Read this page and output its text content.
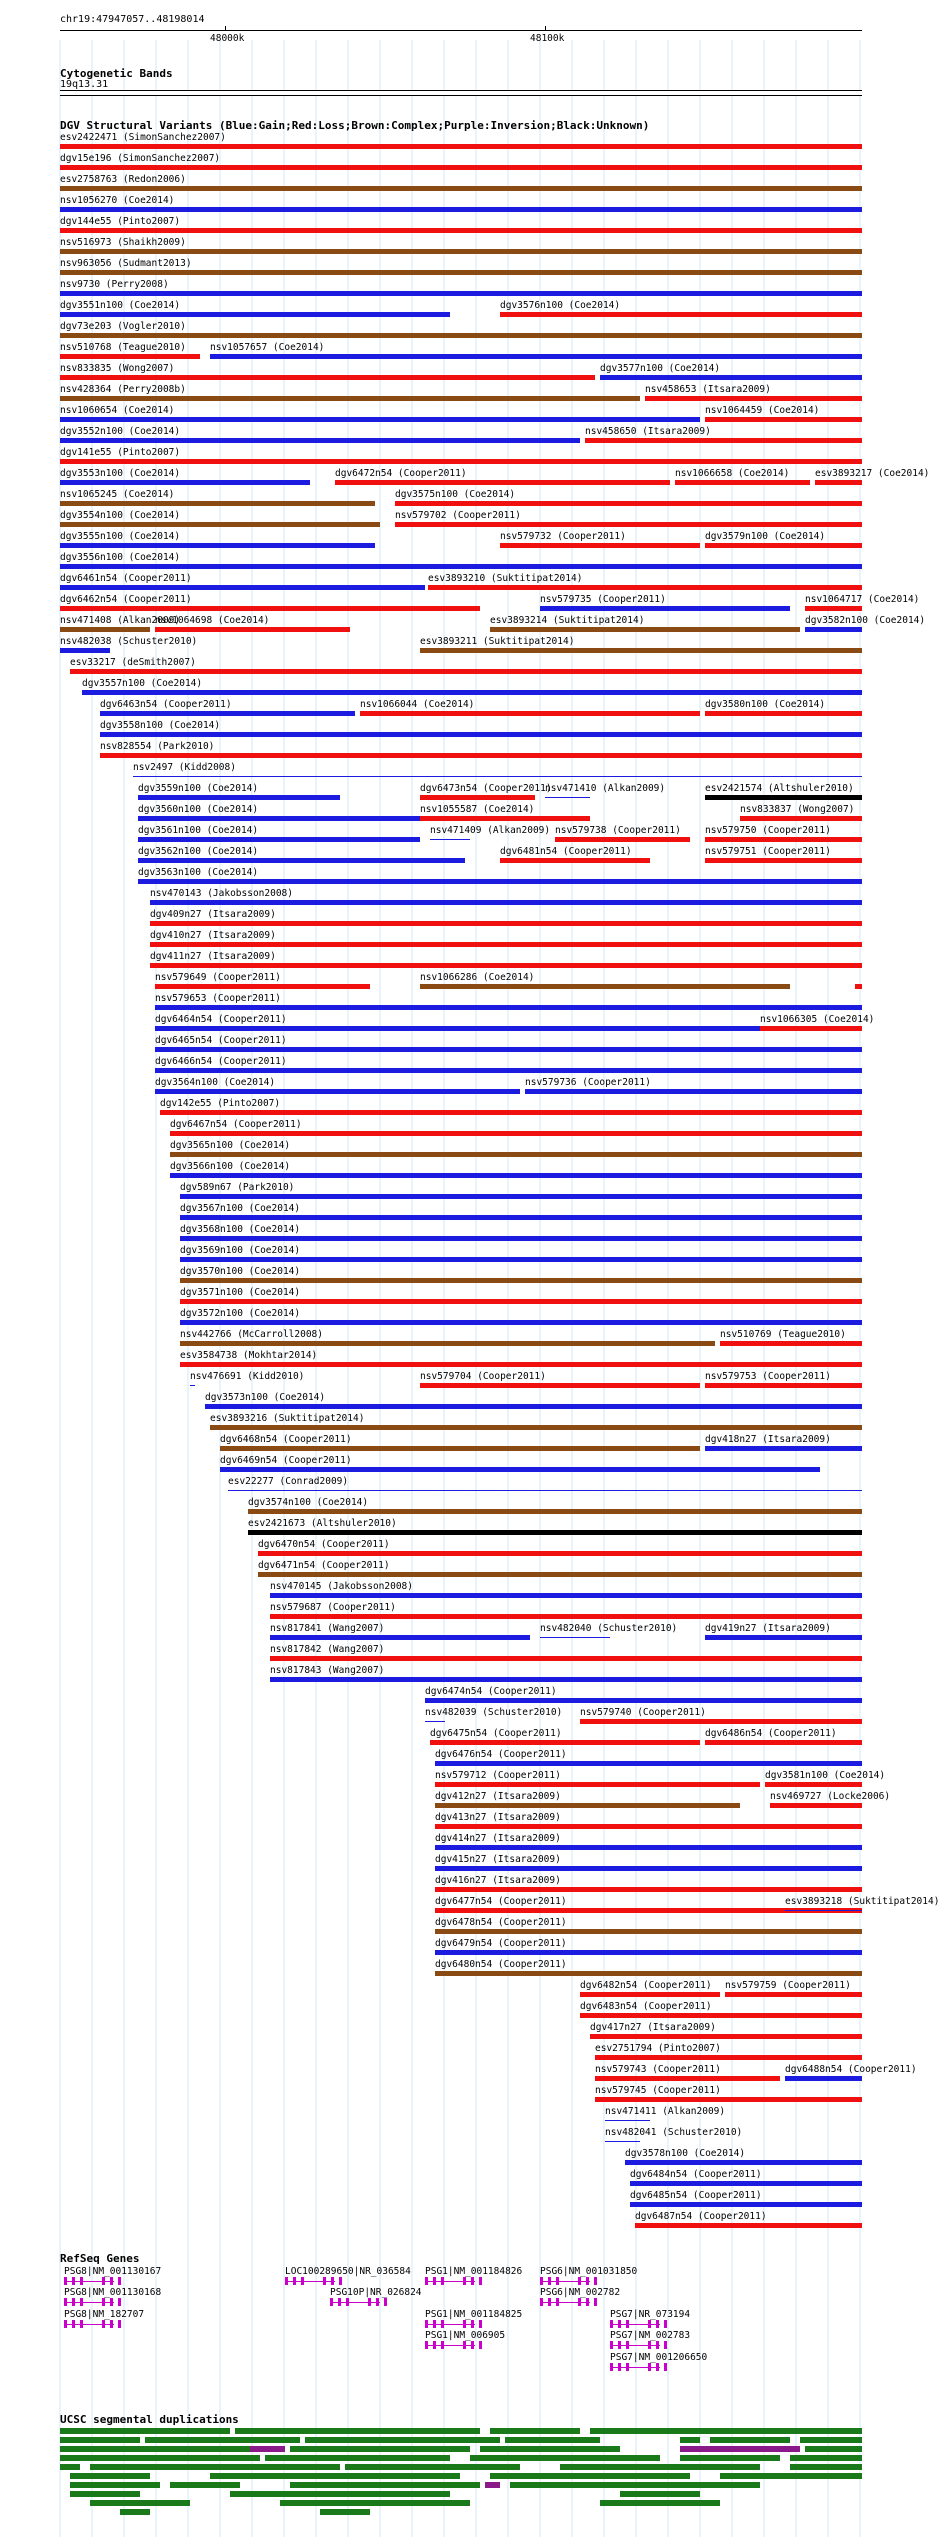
chr19:47947057..48198014
48000k	48100k
Cytogenetic Bands
19q13.31
DGV Structural Variants (Blue:Gain;Red:Loss;Brown:Complex;Purple:Inversion;Black:Unknown)
esv2422471 (SimonSanchez2007)
dgv15e196 (SimonSanchez2007)
esv2758763 (Redon2006)
nsv1056270 (Coe2014)
dgv144e55 (Pinto2007)
nsv516973 (Shaikh2009)
nsv963056 (Sudmant2013)
nsv9730 (Perry2008)
dgv3551n100 (Coe2014)	dgv3576n100 (Coe2014)
dgv73e203 (Vogler2010)
nsv510768 (Teague2010)	nsv1057657 (Coe2014)
nsv833835 (Wong2007)	dgv3577n100 (Coe2014)
nsv428364 (Perry2008b)	nsv458653 (Itsara2009)
nsv1060654 (Coe2014)	nsv1064459 (Coe2014)
dgv3552n100 (Coe2014)	nsv458650 (Itsara2009)
dgv141e55 (Pinto2007)
dgv3553n100 (Coe2014)	dgv6472n54 (Cooper2011)	nsv1066658 (Coe2014)	esv3893217 (Coe2014)
nsv1065245 (Coe2014)	dgv3575n100 (Coe2014)
dgv3554n100 (Coe2014)	nsv579702 (Cooper2011)
dgv3555n100 (Coe2014)	nsv579732 (Cooper2011)	dgv3579n100 (Coe2014)
dgv3556n100 (Coe2014)
dgv6461n54 (Cooper2011)	esv3893210 (Suktitipat2014)
dgv6462n54 (Cooper2011)	nsv579735 (Cooper2011)	nsv1064717 (Coe2014)
nsv471408 (Alkan2009)
nsv1064698 (Coe2014)	esv3893214 (Suktitipat2014)	dgv3582n100 (Coe2014)
nsv482038 (Schuster2010)	esv3893211 (Suktitipat2014)
esv33217 (deSmith2007)
dgv3557n100 (Coe2014)
dgv6463n54 (Cooper2011)	nsv1066044 (Coe2014)	dgv3580n100 (Coe2014)
dgv3558n100 (Coe2014)
nsv828554 (Park2010)
nsv2497 (Kidd2008)
dgv3559n100 (Coe2014)	dgv6473n54 (Cooper2011)
nsv471410 (Alkan2009)	esv2421574 (Altshuler2010)
dgv3560n100 (Coe2014)	nsv1055587 (Coe2014)	nsv833837 (Wong2007)
dgv3561n100 (Coe2014)	nsv471409 (Alkan2009) nsv579738 (Cooper2011)	nsv579750 (Cooper2011)
dgv3562n100 (Coe2014)	dgv6481n54 (Cooper2011)	nsv579751 (Cooper2011)
dgv3563n100 (Coe2014)
nsv470143 (Jakobsson2008)
dgv409n27 (Itsara2009)
dgv410n27 (Itsara2009)
dgv411n27 (Itsara2009)
nsv579649 (Cooper2011)	nsv1066286 (Coe2014)
nsv579653 (Cooper2011)
dgv6464n54 (Cooper2011)	nsv1066305 (Coe2014)
dgv6465n54 (Cooper2011)
dgv6466n54 (Cooper2011)
dgv3564n100 (Coe2014)	nsv579736 (Cooper2011)
dgv142e55 (Pinto2007)
dgv6467n54 (Cooper2011)
dgv3565n100 (Coe2014)
dgv3566n100 (Coe2014)
dgv589n67 (Park2010)
dgv3567n100 (Coe2014)
dgv3568n100 (Coe2014)
dgv3569n100 (Coe2014)
dgv3570n100 (Coe2014)
dgv3571n100 (Coe2014)
dgv3572n100 (Coe2014)
nsv442766 (McCarroll2008)	nsv510769 (Teague2010)
esv3584738 (Mokhtar2014)
nsv476691 (Kidd2010)	nsv579704 (Cooper2011)	nsv579753 (Cooper2011)
dgv3573n100 (Coe2014)
esv3893216 (Suktitipat2014)
dgv6468n54 (Cooper2011)	dgv418n27 (Itsara2009)
dgv6469n54 (Cooper2011)
esv22277 (Conrad2009)
dgv3574n100 (Coe2014)
esv2421673 (Altshuler2010)
dgv6470n54 (Cooper2011)
dgv6471n54 (Cooper2011)
nsv470145 (Jakobsson2008)
nsv579687 (Cooper2011)
nsv817841 (Wang2007)	nsv482040 (Schuster2010)	dgv419n27 (Itsara2009)
nsv817842 (Wang2007)
nsv817843 (Wang2007)
dgv6474n54 (Cooper2011)
nsv482039 (Schuster2010) nsv579740 (Cooper2011)
dgv6475n54 (Cooper2011)	dgv6486n54 (Cooper2011)
dgv6476n54 (Cooper2011)
nsv579712 (Cooper2011)	dgv3581n100 (Coe2014)
dgv412n27 (Itsara2009)	nsv469727 (Locke2006)
dgv413n27 (Itsara2009)
dgv414n27 (Itsara2009)
dgv415n27 (Itsara2009)
dgv416n27 (Itsara2009)
dgv6477n54 (Cooper2011)	esv3893218 (Suktitipat2014)
dgv6478n54 (Cooper2011)
dgv6479n54 (Cooper2011)
dgv6480n54 (Cooper2011)
dgv6482n54 (Cooper2011) nsv579759 (Cooper2011)
dgv6483n54 (Cooper2011)
dgv417n27 (Itsara2009)
esv2751794 (Pinto2007)
nsv579743 (Cooper2011)	dgv6488n54 (Cooper2011)
nsv579745 (Cooper2011)
nsv471411 (Alkan2009)
nsv482041 (Schuster2010)
dgv3578n100 (Coe2014)
dgv6484n54 (Cooper2011)
dgv6485n54 (Cooper2011)
dgv6487n54 (Cooper2011)
RefSeq Genes
PSG8|NM_001130167
PSG8|NM_001130168
PSG8|NM_182707
LOC100289650|NR_036584
PSG10P|NR_026824
PSG1|NM_001184826
PSG1|NM_001184825
PSG1|NM_006905
PSG6|NM_001031850
PSG6|NM_002782
PSG7|NR_073194
PSG7|NM_002783
PSG7|NM_001206650
UCSC segmental duplications
